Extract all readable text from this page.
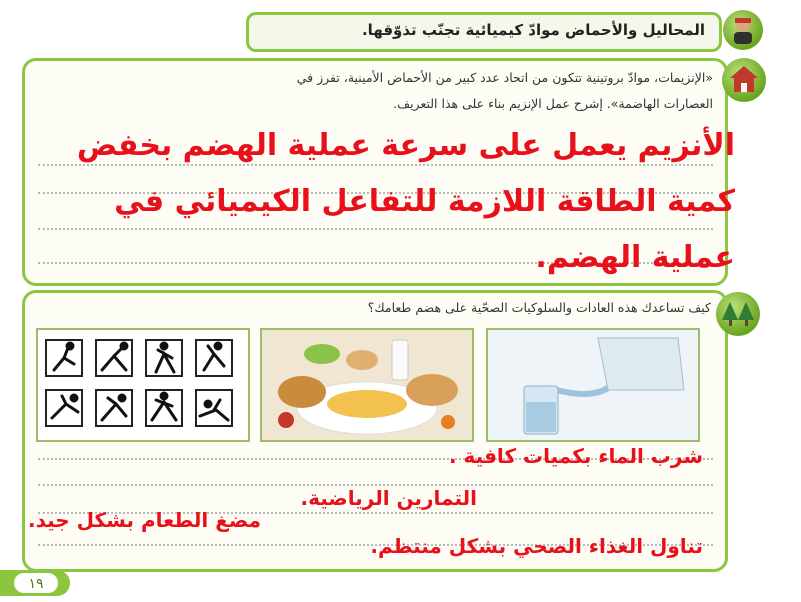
المحاليل والأحماض موادّ كيميائية تجنّب تذوّقها.
«الإنزيمات، موادّ بروتينية تتكون من اتحاد عدد كبير من الأحماض الأمينية، تفرز في
العصارات الهاضمة». إشرح عمل الإنزيم بناء على هذا التعريف.
الأنزيم يعمل على سرعة عملية الهضم بخفض
كمية الطاقة اللازمة للتفاعل الكيميائي في
عملية الهضم.
كيف تساعدك هذه العادات والسلوكيات الصحّية على هضم طعامك؟
شرب الماء بكميات كافية .
التمارين الرياضية.
مضغ الطعام بشكل جيد.
تناول الغذاء الصحي بشكل منتظم.
١٩
